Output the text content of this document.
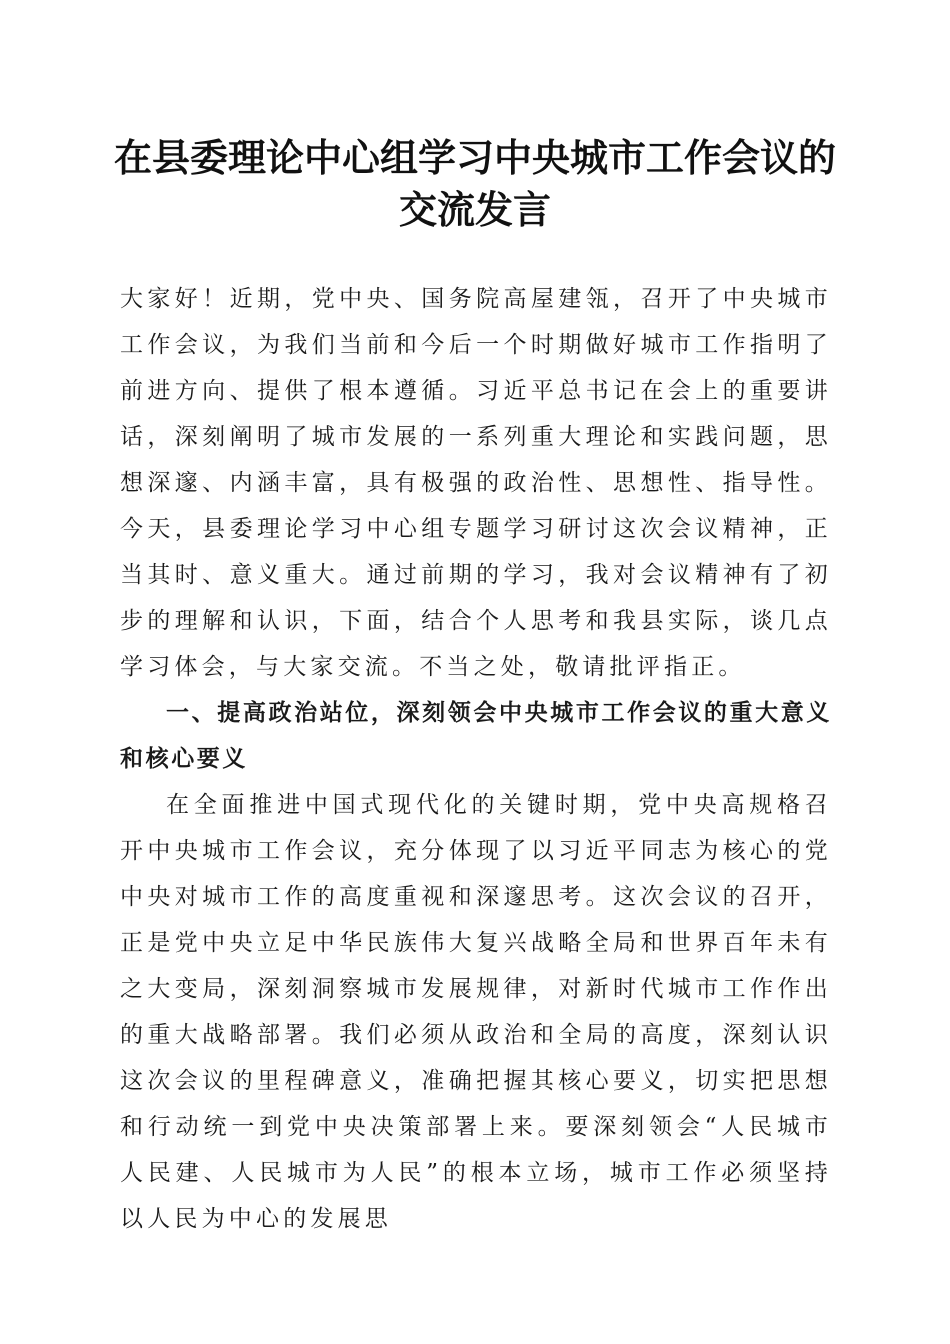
在县委理论中心组学习中央城市工作会议的交流发言

大家好！近期，党中央、国务院高屋建瓴，召开了中央城市工作会议，为我们当前和今后一个时期做好城市工作指明了前进方向、提供了根本遵循。习近平总书记在会上的重要讲话，深刻阐明了城市发展的一系列重大理论和实践问题，思想深邃、内涵丰富，具有极强的政治性、思想性、指导性。今天，县委理论学习中心组专题学习研讨这次会议精神，正当其时、意义重大。通过前期的学习，我对会议精神有了初步的理解和认识，下面，结合个人思考和我县实际，谈几点学习体会，与大家交流。不当之处，敬请批评指正。

一、提高政治站位，深刻领会中央城市工作会议的重大意义和核心要义

在全面推进中国式现代化的关键时期，党中央高规格召开中央城市工作会议，充分体现了以习近平同志为核心的党中央对城市工作的高度重视和深邃思考。这次会议的召开，正是党中央立足中华民族伟大复兴战略全局和世界百年未有之大变局，深刻洞察城市发展规律，对新时代城市工作作出的重大战略部署。我们必须从政治和全局的高度，深刻认识这次会议的里程碑意义，准确把握其核心要义，切实把思想和行动统一到党中央决策部署上来。要深刻领会“人民城市人民建、人民城市为人民”的根本立场，城市工作必须坚持以人民为中心的发展思
